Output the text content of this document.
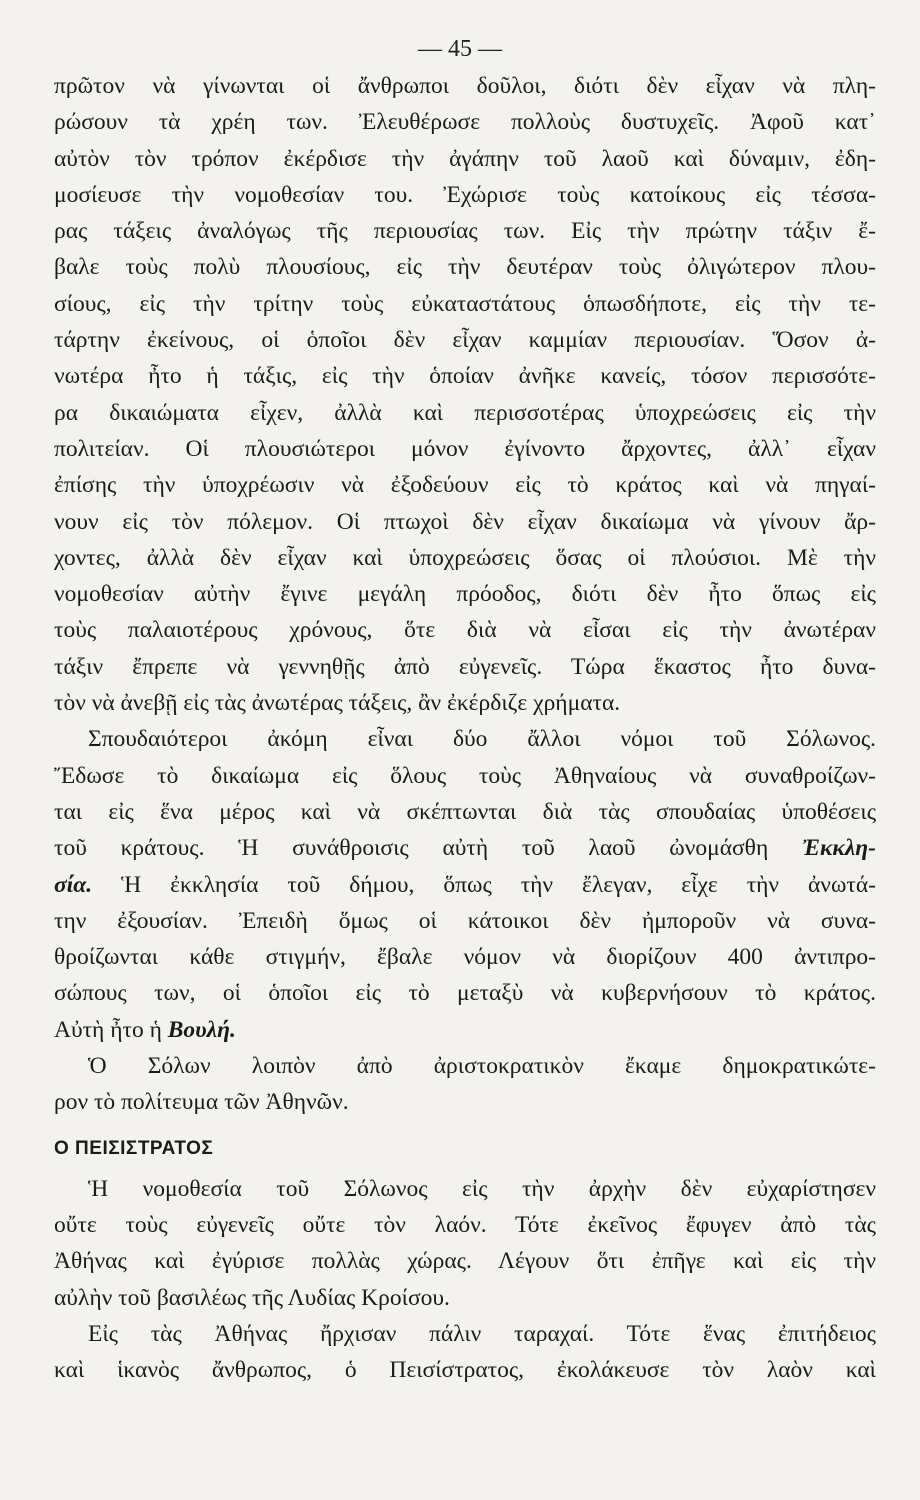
— 45 —
πρῶτον νὰ γίνωνται οἱ ἄνθρωποι δοῦλοι, διότι δὲν εἶχαν νὰ πλη-
ρώσουν τὰ χρέη των. Ἐλευθέρωσε πολλοὺς δυστυχεῖς. Ἀφοῦ κατ᾽
αὐτὸν τὸν τρόπον ἐκέρδισε τὴν ἀγάπην τοῦ λαοῦ καὶ δύναμιν, ἐδη-
μοσίευσε τὴν νομοθεσίαν του. Ἐχώρισε τοὺς κατοίκους εἰς τέσσα-
ρας τάξεις ἀναλόγως τῆς περιουσίας των. Εἰς τὴν πρώτην τάξιν ἔ-
βαλε τοὺς πολὺ πλουσίους, εἰς τὴν δευτέραν τοὺς ὀλιγώτερον πλου-
σίους, εἰς τὴν τρίτην τοὺς εὐκαταστάτους ὁπωσδήποτε, εἰς τὴν τε-
τάρτην ἐκείνους, οἱ ὁποῖοι δὲν εἶχαν καμμίαν περιουσίαν. Ὅσον ἀ-
νωτέρα ἦτο ἡ τάξις, εἰς τὴν ὁποίαν ἀνῆκε κανείς, τόσον περισσότε-
ρα δικαιώματα εἶχεν, ἀλλὰ καὶ περισσοτέρας ὑποχρεώσεις εἰς τὴν
πολιτείαν. Οἱ πλουσιώτεροι μόνον ἐγίνοντο ἄρχοντες, ἀλλ᾽ εἶχαν
ἐπίσης τὴν ὑποχρέωσιν νὰ ἐξοδεύουν εἰς τὸ κράτος καὶ νὰ πηγαί-
νουν εἰς τὸν πόλεμον. Οἱ πτωχοὶ δὲν εἶχαν δικαίωμα νὰ γίνουν ἄρ-
χοντες, ἀλλὰ δὲν εἶχαν καὶ ὑποχρεώσεις ὅσας οἱ πλούσιοι. Μὲ τὴν
νομοθεσίαν αὐτὴν ἔγινε μεγάλη πρόοδος, διότι δὲν ἦτο ὅπως εἰς
τοὺς παλαιοτέρους χρόνους, ὅτε διὰ νὰ εἶσαι εἰς τὴν ἀνωτέραν
τάξιν ἔπρεπε νὰ γεννηθῇς ἀπὸ εὐγενεῖς. Τώρα ἕκαστος ἦτο δυνα-
τὸν νὰ ἀνεβῇ εἰς τὰς ἀνωτέρας τάξεις, ἂν ἐκέρδιζε χρήματα.
Σπουδαιότεροι ἀκόμη εἶναι δύο ἄλλοι νόμοι τοῦ Σόλωνος.
Ἔδωσε τὸ δικαίωμα εἰς ὅλους τοὺς Ἀθηναίους νὰ συναθροίζων-
ται εἰς ἕνα μέρος καὶ νὰ σκέπτωνται διὰ τὰς σπουδαίας ὑποθέσεις
τοῦ κράτους. Ἡ συνάθροισις αὐτὴ τοῦ λαοῦ ὠνομάσθη Ἐκκλη-
σία. Ἡ ἐκκλησία τοῦ δήμου, ὅπως τὴν ἔλεγαν, εἶχε τὴν ἀνωτά-
την ἐξουσίαν. Ἐπειδὴ ὅμως οἱ κάτοικοι δὲν ἠμποροῦν νὰ συνα-
θροίζωνται κάθε στιγμήν, ἔβαλε νόμον νὰ διορίζουν 400 ἀντιπρο-
σώπους των, οἱ ὁποῖοι εἰς τὸ μεταξὺ νὰ κυβερνήσουν τὸ κράτος.
Αὐτὴ ἦτο ἡ Βουλή.
Ὁ Σόλων λοιπὸν ἀπὸ ἀριστοκρατικὸν ἔκαμε δημοκρατικώτε-
ρον τὸ πολίτευμα τῶν Ἀθηνῶν.
Ο ΠΕΙΣΙΣΤΡΑΤΟΣ
Ἡ νομοθεσία τοῦ Σόλωνος εἰς τὴν ἀρχὴν δὲν εὐχαρίστησεν
οὔτε τοὺς εὐγενεῖς οὔτε τὸν λαόν. Τότε ἐκεῖνος ἔφυγεν ἀπὸ τὰς
Ἀθήνας καὶ ἐγύρισε πολλὰς χώρας. Λέγουν ὅτι ἐπῆγε καὶ εἰς τὴν
αὐλὴν τοῦ βασιλέως τῆς Λυδίας Κροίσου.
Εἰς τὰς Ἀθήνας ἤρχισαν πάλιν ταραχαί. Τότε ἕνας ἐπιτήδειος
καὶ ἱκανὸς ἄνθρωπος, ὁ Πεισίστρατος, ἐκολάκευσε τὸν λαὸν καὶ
